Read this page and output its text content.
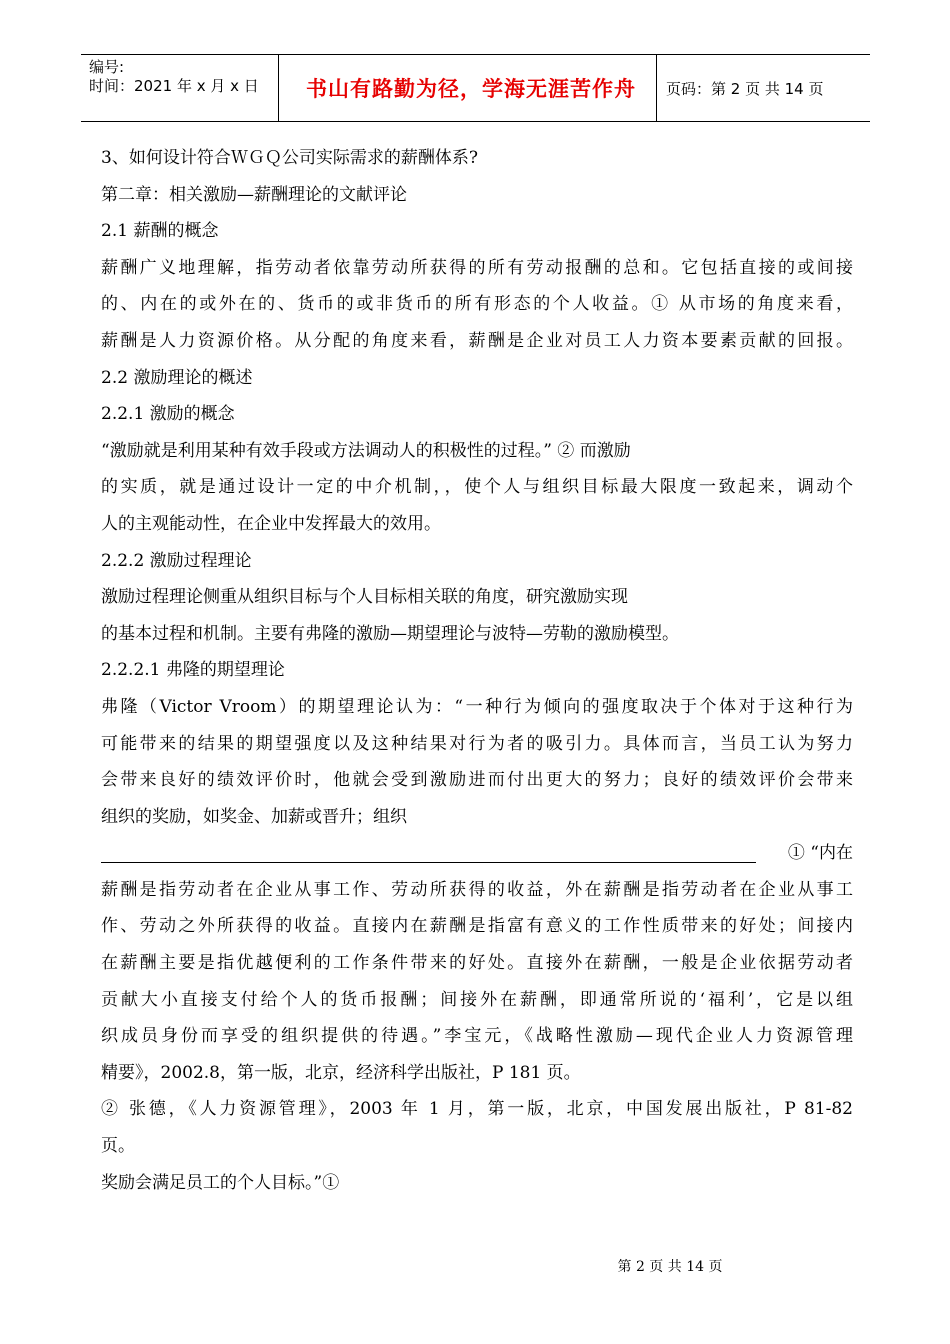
编号:
时间：2021 年 x 月 x 日	书山有路勤为径，学海无涯苦作舟	页码：第 2 页 共 14 页
3、如何设计符合ＷＧＱ公司实际需求的薪酬体系?
第二章：相关激励—薪酬理论的文献评论
2.1 薪酬的概念
薪酬广义地理解，指劳动者依靠劳动所获得的所有劳动报酬的总和。它包括直接的或间接
的、内在的或外在的、货币的或非货币的所有形态的个人收益。① 从市场的角度来看，
薪酬是人力资源价格。从分配的角度来看，薪酬是企业对员工人力资本要素贡献的回报。
2.2 激励理论的概述
2.2.1 激励的概念
“激励就是利用某种有效手段或方法调动人的积极性的过程。” ② 而激励
的实质，就是通过设计一定的中介机制，，使个人与组织目标最大限度一致起来，调动个
人的主观能动性，在企业中发挥最大的效用。
2.2.2 激励过程理论
激励过程理论侧重从组织目标与个人目标相关联的角度，研究激励实现
的基本过程和机制。主要有弗隆的激励—期望理论与波特—劳勒的激励模型。
2.2.2.1 弗隆的期望理论
弗隆（Victor Vroom）的期望理论认为：“一种行为倾向的强度取决于个体对于这种行为
可能带来的结果的期望强度以及这种结果对行为者的吸引力。具体而言，当员工认为努力
会带来良好的绩效评价时，他就会受到激励进而付出更大的努力；良好的绩效评价会带来
组织的奖励，如奖金、加薪或晋升；组织
① “内在
薪酬是指劳动者在企业从事工作、劳动所获得的收益，外在薪酬是指劳动者在企业从事工
作、劳动之外所获得的收益。直接内在薪酬是指富有意义的工作性质带来的好处；间接内
在薪酬主要是指优越便利的工作条件带来的好处。直接外在薪酬，一般是企业依据劳动者
贡献大小直接支付给个人的货币报酬；间接外在薪酬，即通常所说的‘福利’，它是以组
织成员身份而享受的组织提供的待遇。”李宝元，《战略性激励—现代企业人力资源管理
精要》，2002.8，第一版，北京，经济科学出版社，P 181 页。
② 张德，《人力资源管理》，2003 年 1 月，第一版，北京，中国发展出版社，P 81-82
页。
奖励会满足员工的个人目标。”①
第 2 页 共 14 页
